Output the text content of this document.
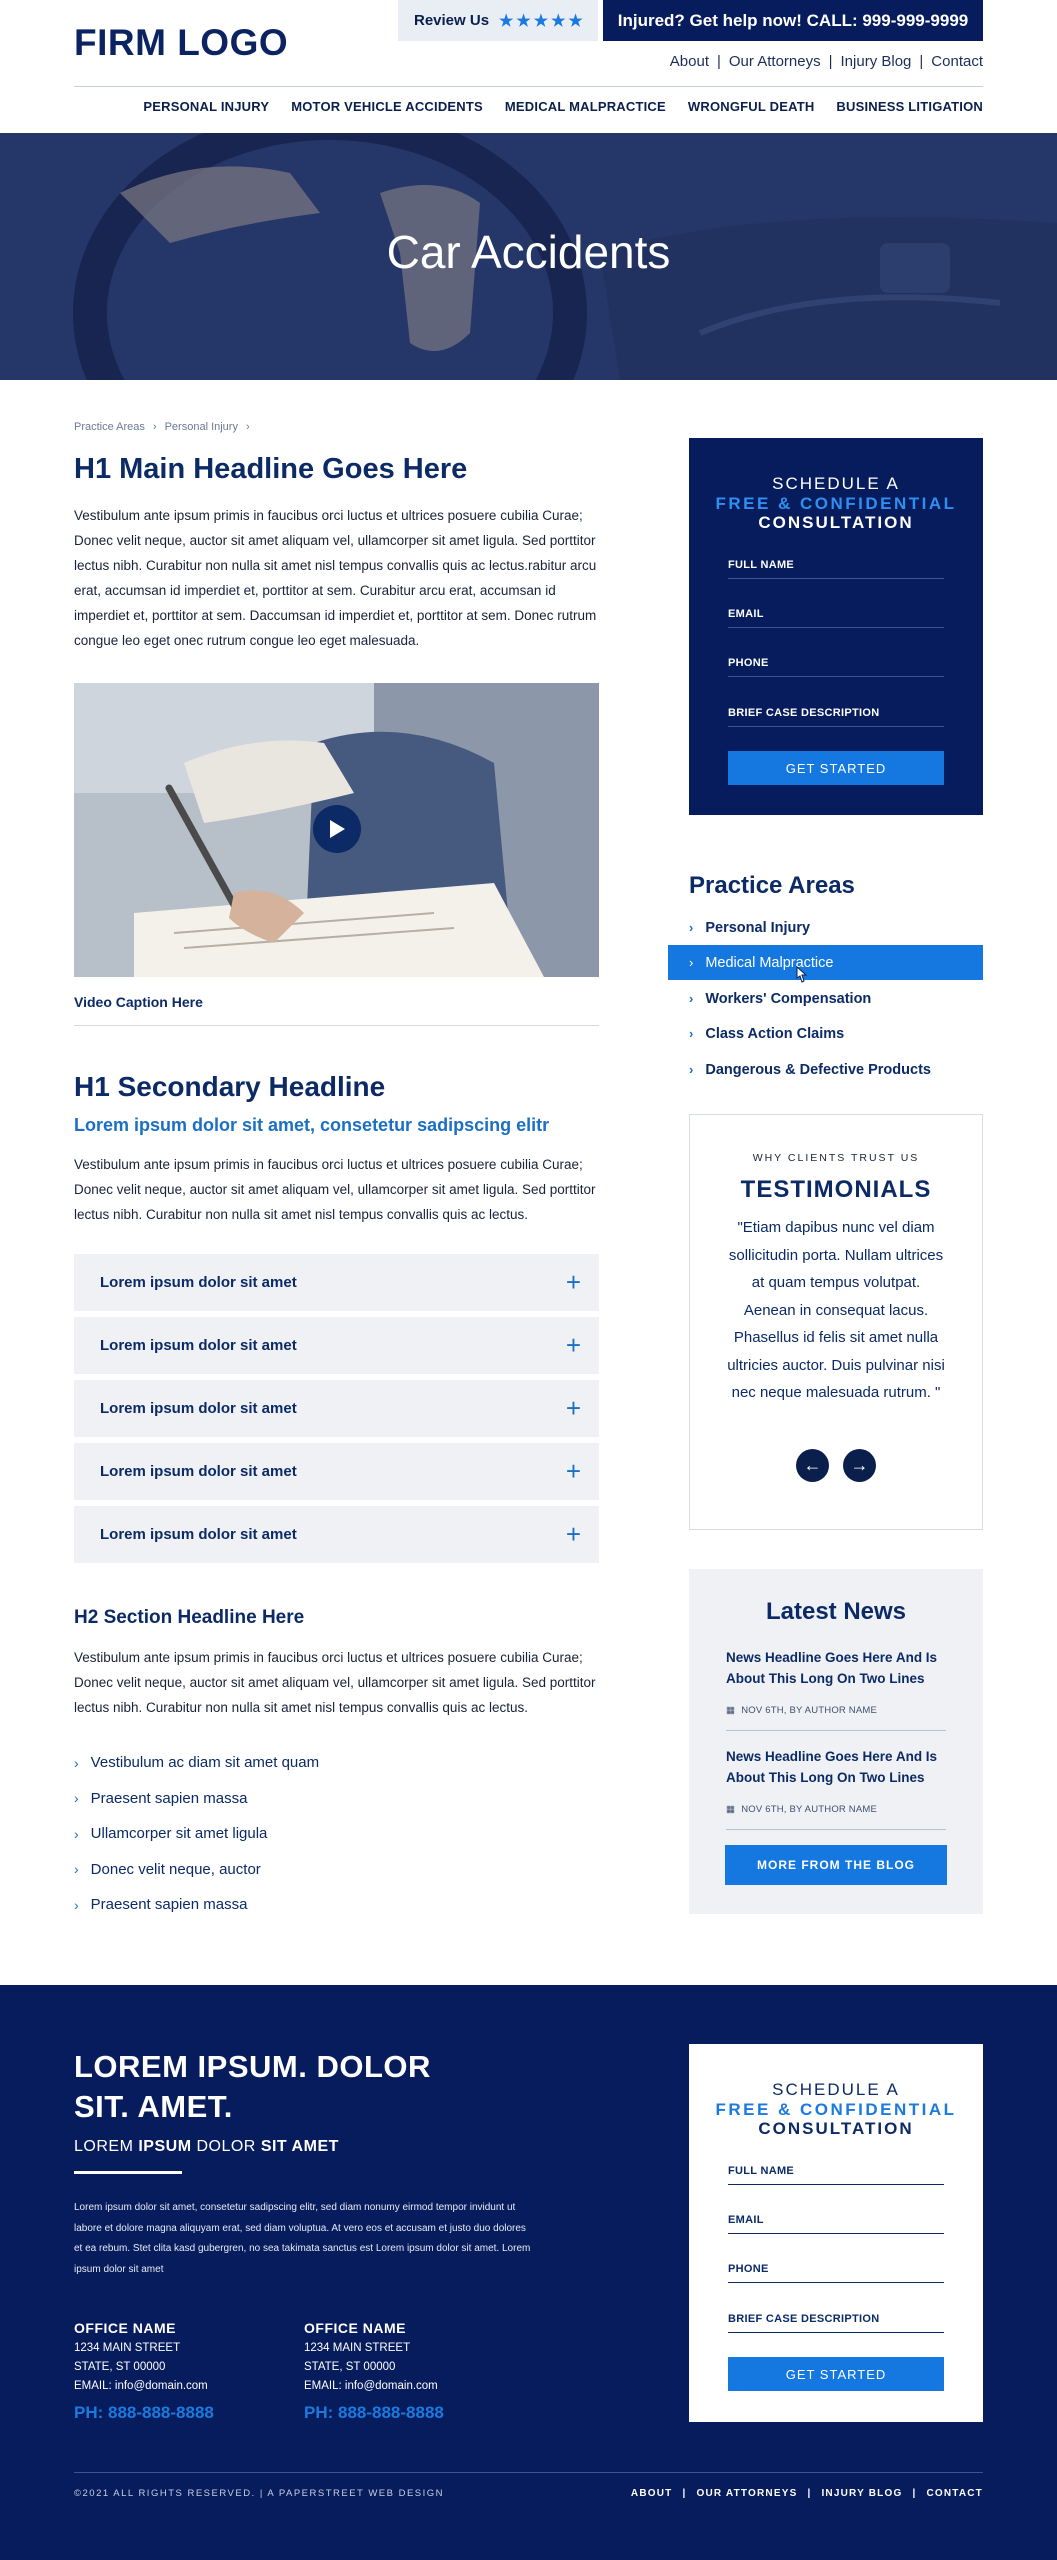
FIRM LOGO
Review Us ★★★★★	Injured? Get help now! CALL: 999-999-9999
About | Our Attorneys | Injury Blog | Contact
PERSONAL INJURY MOTOR VEHICLE ACCIDENTS MEDICAL MALPRACTICE WRONGFUL DEATH BUSINESS LITIGATION
Car Accidents
Practice Areas › Personal Injury ›
H1 Main Headline Goes Here
Vestibulum ante ipsum primis in faucibus orci luctus et ultrices posuere cubilia Curae; Donec velit neque, auctor sit amet aliquam vel, ullamcorper sit amet ligula. Sed porttitor lectus nibh. Curabitur non nulla sit amet nisl tempus convallis quis ac lectus.rabitur arcu erat, accumsan id imperdiet et, porttitor at sem. Curabitur arcu erat, accumsan id imperdiet et, porttitor at sem. Daccumsan id imperdiet et, porttitor at sem. Donec rutrum congue leo eget onec rutrum congue leo eget malesuada.
Video Caption Here
H1 Secondary Headline
Lorem ipsum dolor sit amet, consetetur sadipscing elitr
Vestibulum ante ipsum primis in faucibus orci luctus et ultrices posuere cubilia Curae; Donec velit neque, auctor sit amet aliquam vel, ullamcorper sit amet ligula. Sed porttitor lectus nibh. Curabitur non nulla sit amet nisl tempus convallis quis ac lectus.
Lorem ipsum dolor sit amet	+
Lorem ipsum dolor sit amet	+
Lorem ipsum dolor sit amet	+
Lorem ipsum dolor sit amet	+
Lorem ipsum dolor sit amet	+
H2 Section Headline Here
Vestibulum ante ipsum primis in faucibus orci luctus et ultrices posuere cubilia Curae; Donec velit neque, auctor sit amet aliquam vel, ullamcorper sit amet ligula. Sed porttitor lectus nibh. Curabitur non nulla sit amet nisl tempus convallis quis ac lectus.
› Vestibulum ac diam sit amet quam
› Praesent sapien massa
› Ullamcorper sit amet ligula
› Donec velit neque, auctor
› Praesent sapien massa
SCHEDULE A
FREE & CONFIDENTIAL
CONSULTATION
FULL NAME
EMAIL
PHONE
BRIEF CASE DESCRIPTION
GET STARTED
Practice Areas
› Personal Injury
› Medical Malpractice
› Workers' Compensation
› Class Action Claims
› Dangerous & Defective Products
WHY CLIENTS TRUST US
TESTIMONIALS
"Etiam dapibus nunc vel diam sollicitudin porta. Nullam ultrices at quam tempus volutpat. Aenean in consequat lacus. Phasellus id felis sit amet nulla ultricies auctor. Duis pulvinar nisi nec neque malesuada rutrum. "
←	→
Latest News
News Headline Goes Here And Is About This Long On Two Lines
▦ NOV 6TH, BY AUTHOR NAME
News Headline Goes Here And Is About This Long On Two Lines
▦ NOV 6TH, BY AUTHOR NAME
MORE FROM THE BLOG
LOREM IPSUM. DOLOR
SIT. AMET.
LOREM IPSUM DOLOR SIT AMET
Lorem ipsum dolor sit amet, consetetur sadipscing elitr, sed diam nonumy eirmod tempor invidunt ut labore et dolore magna aliquyam erat, sed diam voluptua. At vero eos et accusam et justo duo dolores et ea rebum. Stet clita kasd gubergren, no sea takimata sanctus est Lorem ipsum dolor sit amet. Lorem ipsum dolor sit amet
OFFICE NAME
1234 MAIN STREET
STATE, ST 00000
EMAIL: info@domain.com
PH: 888-888-8888
OFFICE NAME
1234 MAIN STREET
STATE, ST 00000
EMAIL: info@domain.com
PH: 888-888-8888
SCHEDULE A
FREE & CONFIDENTIAL
CONSULTATION
FULL NAME
EMAIL
PHONE
BRIEF CASE DESCRIPTION
GET STARTED
©2021 ALL RIGHTS RESERVED. | A PAPERSTREET WEB DESIGN	ABOUT | OUR ATTORNEYS | INJURY BLOG | CONTACT
